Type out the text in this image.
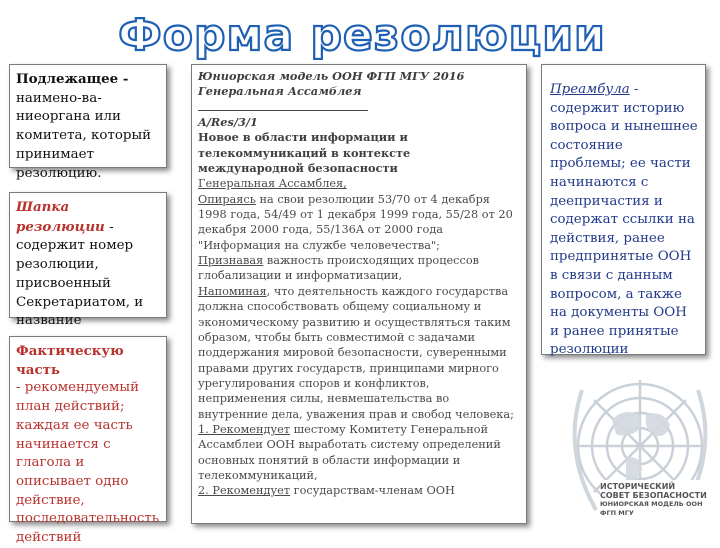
Форма резолюции
Подлежащее - наимено-ва-ниеоргана или комитета, который принимает резолюцию.
Шапка резолюции - содержит номер резолюции, присвоенный Секретариатом, и название
Фактическую часть
- рекомендуемый план действий; каждая ее часть начинается с глагола и описывает одно действие, последовательность действий

Юниорская модель ООН ФГП МГУ 2016

Генеральная Ассамблея

A/Res/3/1

Новое в области информации и телекоммуникаций в контексте международной безопасности

Генеральная Ассамблея,

Опираясь на свои резолюции 53/70 от 4 декабря 1998 года, 54/49 от 1 декабря 1999 года, 55/28 от 20 декабря 2000 года, 55/136A от 2000 года "Информация на службе человечества";

Признавая важность происходящих процессов глобализации и информатизации,

Напоминая, что деятельность каждого государства должна способствовать общему социальному и экономическому развитию и осуществляться таким образом, чтобы быть совместимой с задачами поддержания мировой безопасности, суверенными правами других государств, принципами мирного урегулирования споров и конфликтов, неприменения силы, невмешательства во внутренние дела, уважения прав и свобод человека;

1. Рекомендует шестому Комитету Генеральной Ассамблеи ООН выработать систему определений основных понятий в области информации и телекоммуникаций,

2. Рекомендует государствам-членам ООН

Преамбула - содержит историю вопроса и нынешнее состояние проблемы; ее части начинаются с деепричастия и содержат ссылки на действия, ранее предпринятые ООН в связи с данным вопросом, а также на документы ООН и ранее принятые резолюции
ИСТОРИЧЕСКИЙ
СОВЕТ БЕЗОПАСНОСТИ
ЮНИОРСКАЯ МОДЕЛЬ ООН ФГП МГУ
